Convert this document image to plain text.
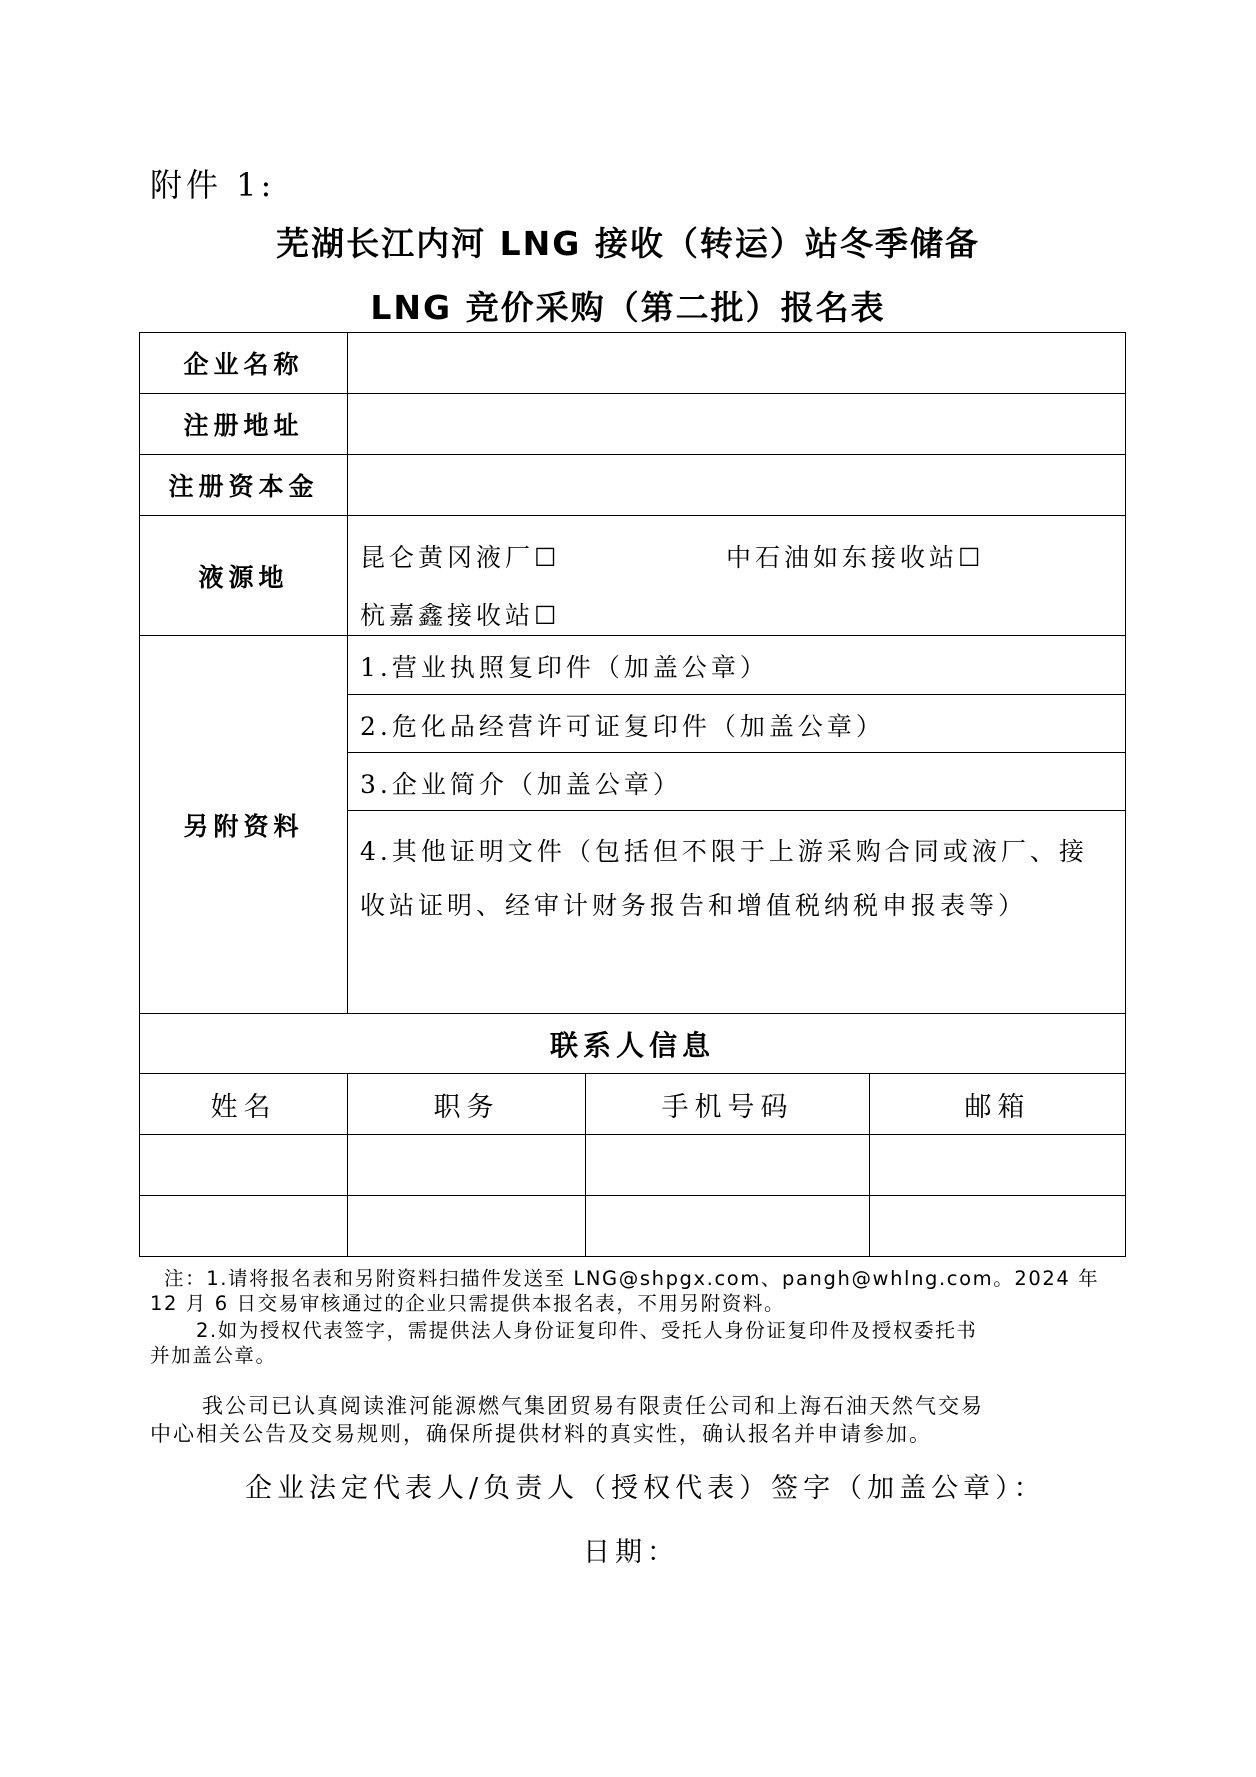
附件 1:
芜湖长江内河 LNG 接收（转运）站冬季储备
LNG 竞价采购（第二批）报名表
企业名称			
注册地址			
注册资本金			
液源地	昆仑黄冈液厂☐ 中石油如东接收站☐
杭嘉鑫接收站☐		

另附资料	1.营业执照复印件（加盖公章）
2.危化品经营许可证复印件（加盖公章）
3.企业简介（加盖公章）
4.其他证明文件（包括但不限于上游采购合同或液厂、接收站证明、经审计财务报告和增值税纳税申报表等）		

联系人信息			
姓名	职务	手机号码	邮箱

注：1.请将报名表和另附资料扫描件发送至 LNG@shpgx.com、pangh@whlng.com。2024 年
12 月 6 日交易审核通过的企业只需提供本报名表，不用另附资料。
2.如为授权代表签字，需提供法人身份证复印件、受托人身份证复印件及授权委托书
并加盖公章。
我公司已认真阅读淮河能源燃气集团贸易有限责任公司和上海石油天然气交易
中心相关公告及交易规则，确保所提供材料的真实性，确认报名并申请参加。
企业法定代表人/负责人（授权代表）签字（加盖公章）：
日期：
